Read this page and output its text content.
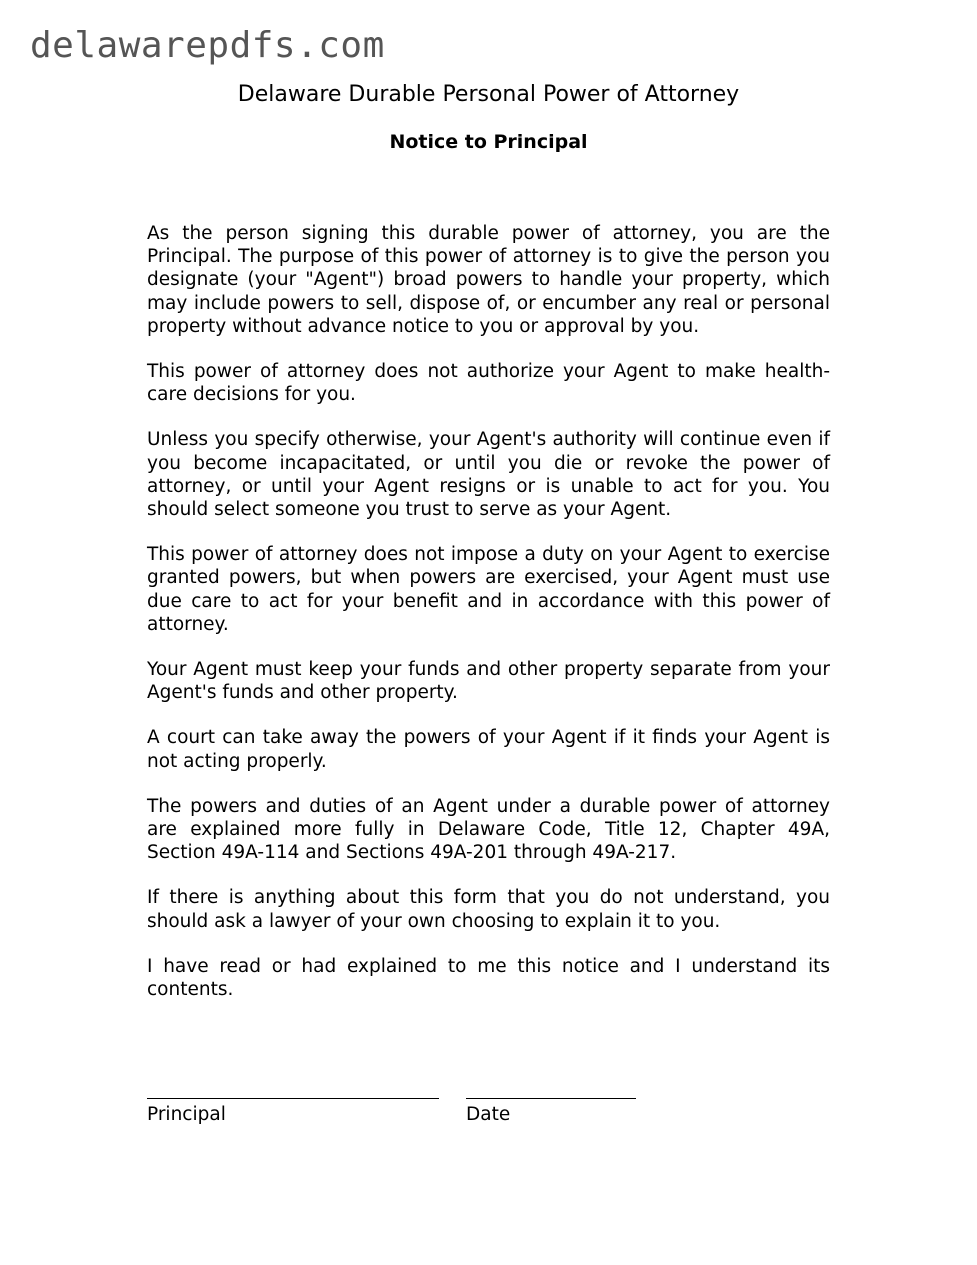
delawarepdfs.com
Delaware Durable Personal Power of Attorney
Notice to Principal

As the person signing this durable power of attorney, you are the Principal. The purpose of this power of attorney is to give the person you designate (your "Agent") broad powers to handle your property, which may include powers to sell, dispose of, or encumber any real or personal property without advance notice to you or approval by you.

This power of attorney does not authorize your Agent to make health-care decisions for you.

Unless you specify otherwise, your Agent's authority will continue even if you become incapacitated, or until you die or revoke the power of attorney, or until your Agent resigns or is unable to act for you. You should select someone you trust to serve as your Agent.

This power of attorney does not impose a duty on your Agent to exercise granted powers, but when powers are exercised, your Agent must use due care to act for your benefit and in accordance with this power of attorney.

Your Agent must keep your funds and other property separate from your Agent's funds and other property.

A court can take away the powers of your Agent if it finds your Agent is not acting properly.

The powers and duties of an Agent under a durable power of attorney are explained more fully in Delaware Code, Title 12, Chapter 49A, Section 49A-114 and Sections 49A-201 through 49A-217.

If there is anything about this form that you do not understand, you should ask a lawyer of your own choosing to explain it to you.

I have read or had explained to me this notice and I understand its contents.

Principal	Date
